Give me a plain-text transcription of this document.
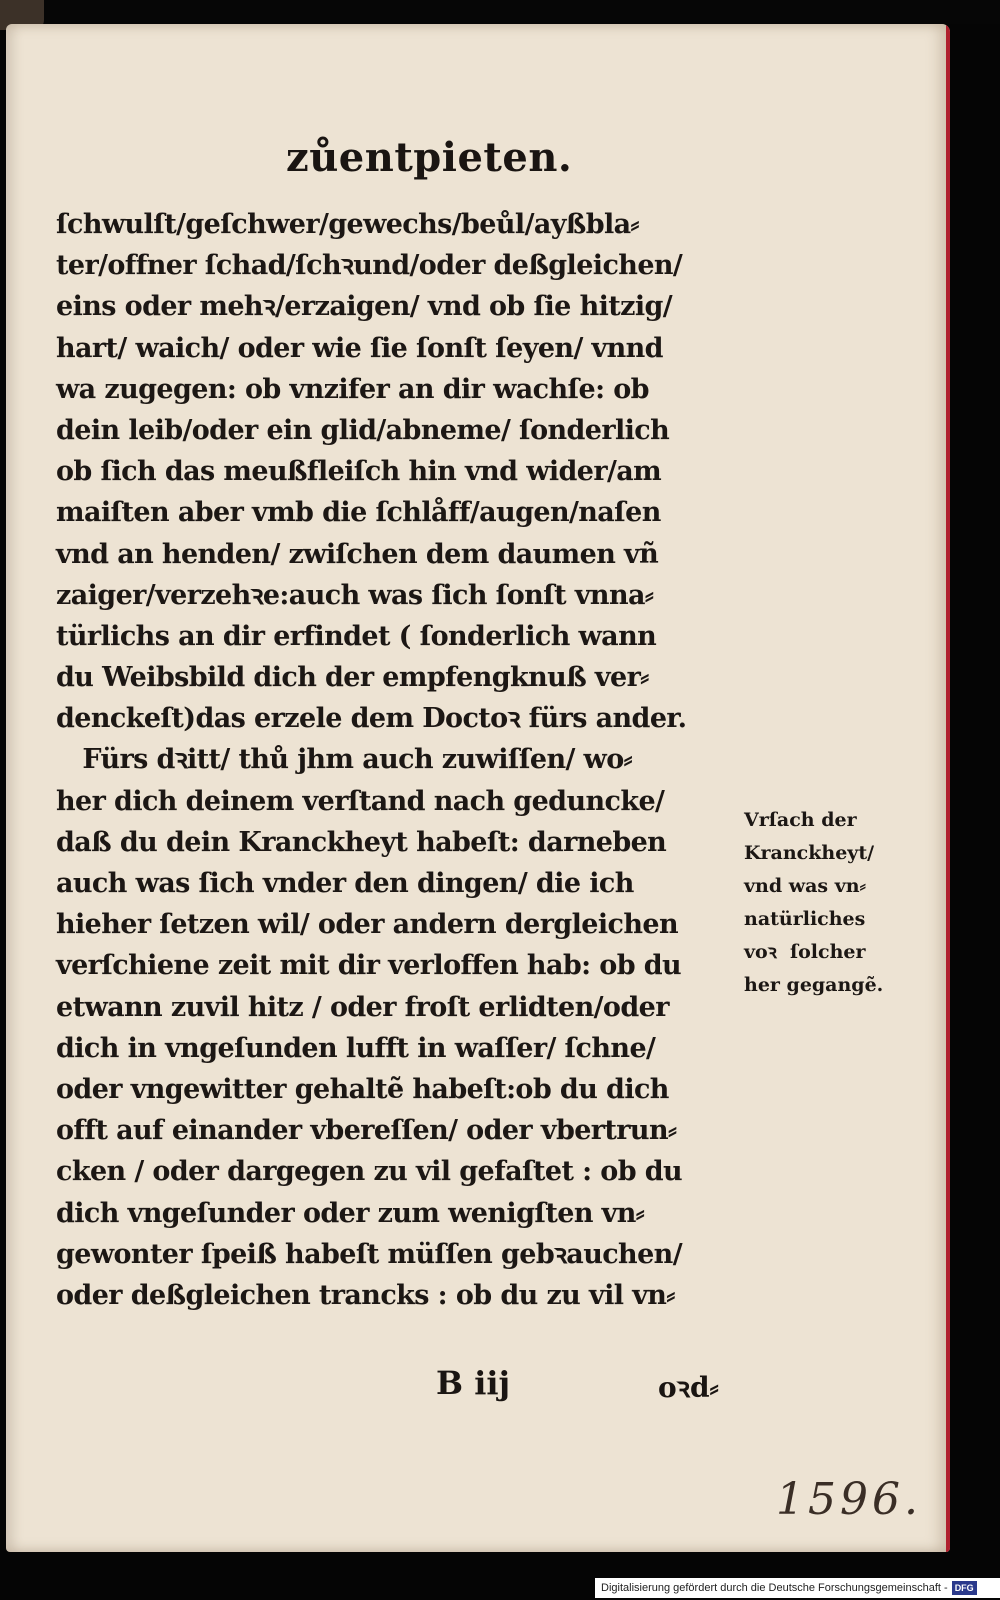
zůentpieten.
ſchwulſt/geſchwer/gewechs/beůl/ayßbla⸗
ter/offner ſchad/ſchꝛund/oder deßgleichen/
eins oder mehꝛ/erzaigen/ vnd ob ſie hitzig/
hart/ waich/ oder wie ſie ſonſt ſeyen/ vnnd
wa zugegen: ob vnzifer an dir wachſe: ob
dein leib/oder ein glid/abneme/ ſonderlich
ob ſich das meußfleiſch hin vnd wider/am
maiſten aber vmb die ſchlåff/augen/naſen
vnd an henden/ zwiſchen dem daumen vñ
zaiger/verzehꝛe:auch was ſich ſonſt vnna⸗
türlichs an dir erfindet ( ſonderlich wann
du Weibsbild dich der empfengknuß ver⸗
denckeſt)das erzele dem Doctoꝛ fürs ander.
Fürs dꝛitt/ thů jhm auch zuwiſſen/ wo⸗
her dich deinem verſtand nach geduncke/
daß du dein Kranckheyt habeſt: darneben
auch was ſich vnder den dingen/ die ich
hieher ſetzen wil/ oder andern dergleichen
verſchiene zeit mit dir verloffen hab: ob du
etwann zuvil hitz / oder froſt erlidten/oder
dich in vngeſunden lufft in waſſer/ ſchne/
oder vngewitter gehaltẽ habeſt:ob du dich
offt auf einander vbereſſen/ oder vbertrun⸗
cken / oder dargegen zu vil gefaſtet : ob du
dich vngeſunder oder zum wenigſten vn⸗
gewonter ſpeiß habeſt müſſen gebꝛauchen/
oder deßgleichen trancks : ob du zu vil vn⸗
Vrſach der
Kranckheyt/
vnd was vn⸗
natürliches
voꝛ  ſolcher
her gegangẽ.
B iij	oꝛd⸗
1596.
Digitalisierung gefördert durch die Deutsche Forschungsgemeinschaft - DFG
